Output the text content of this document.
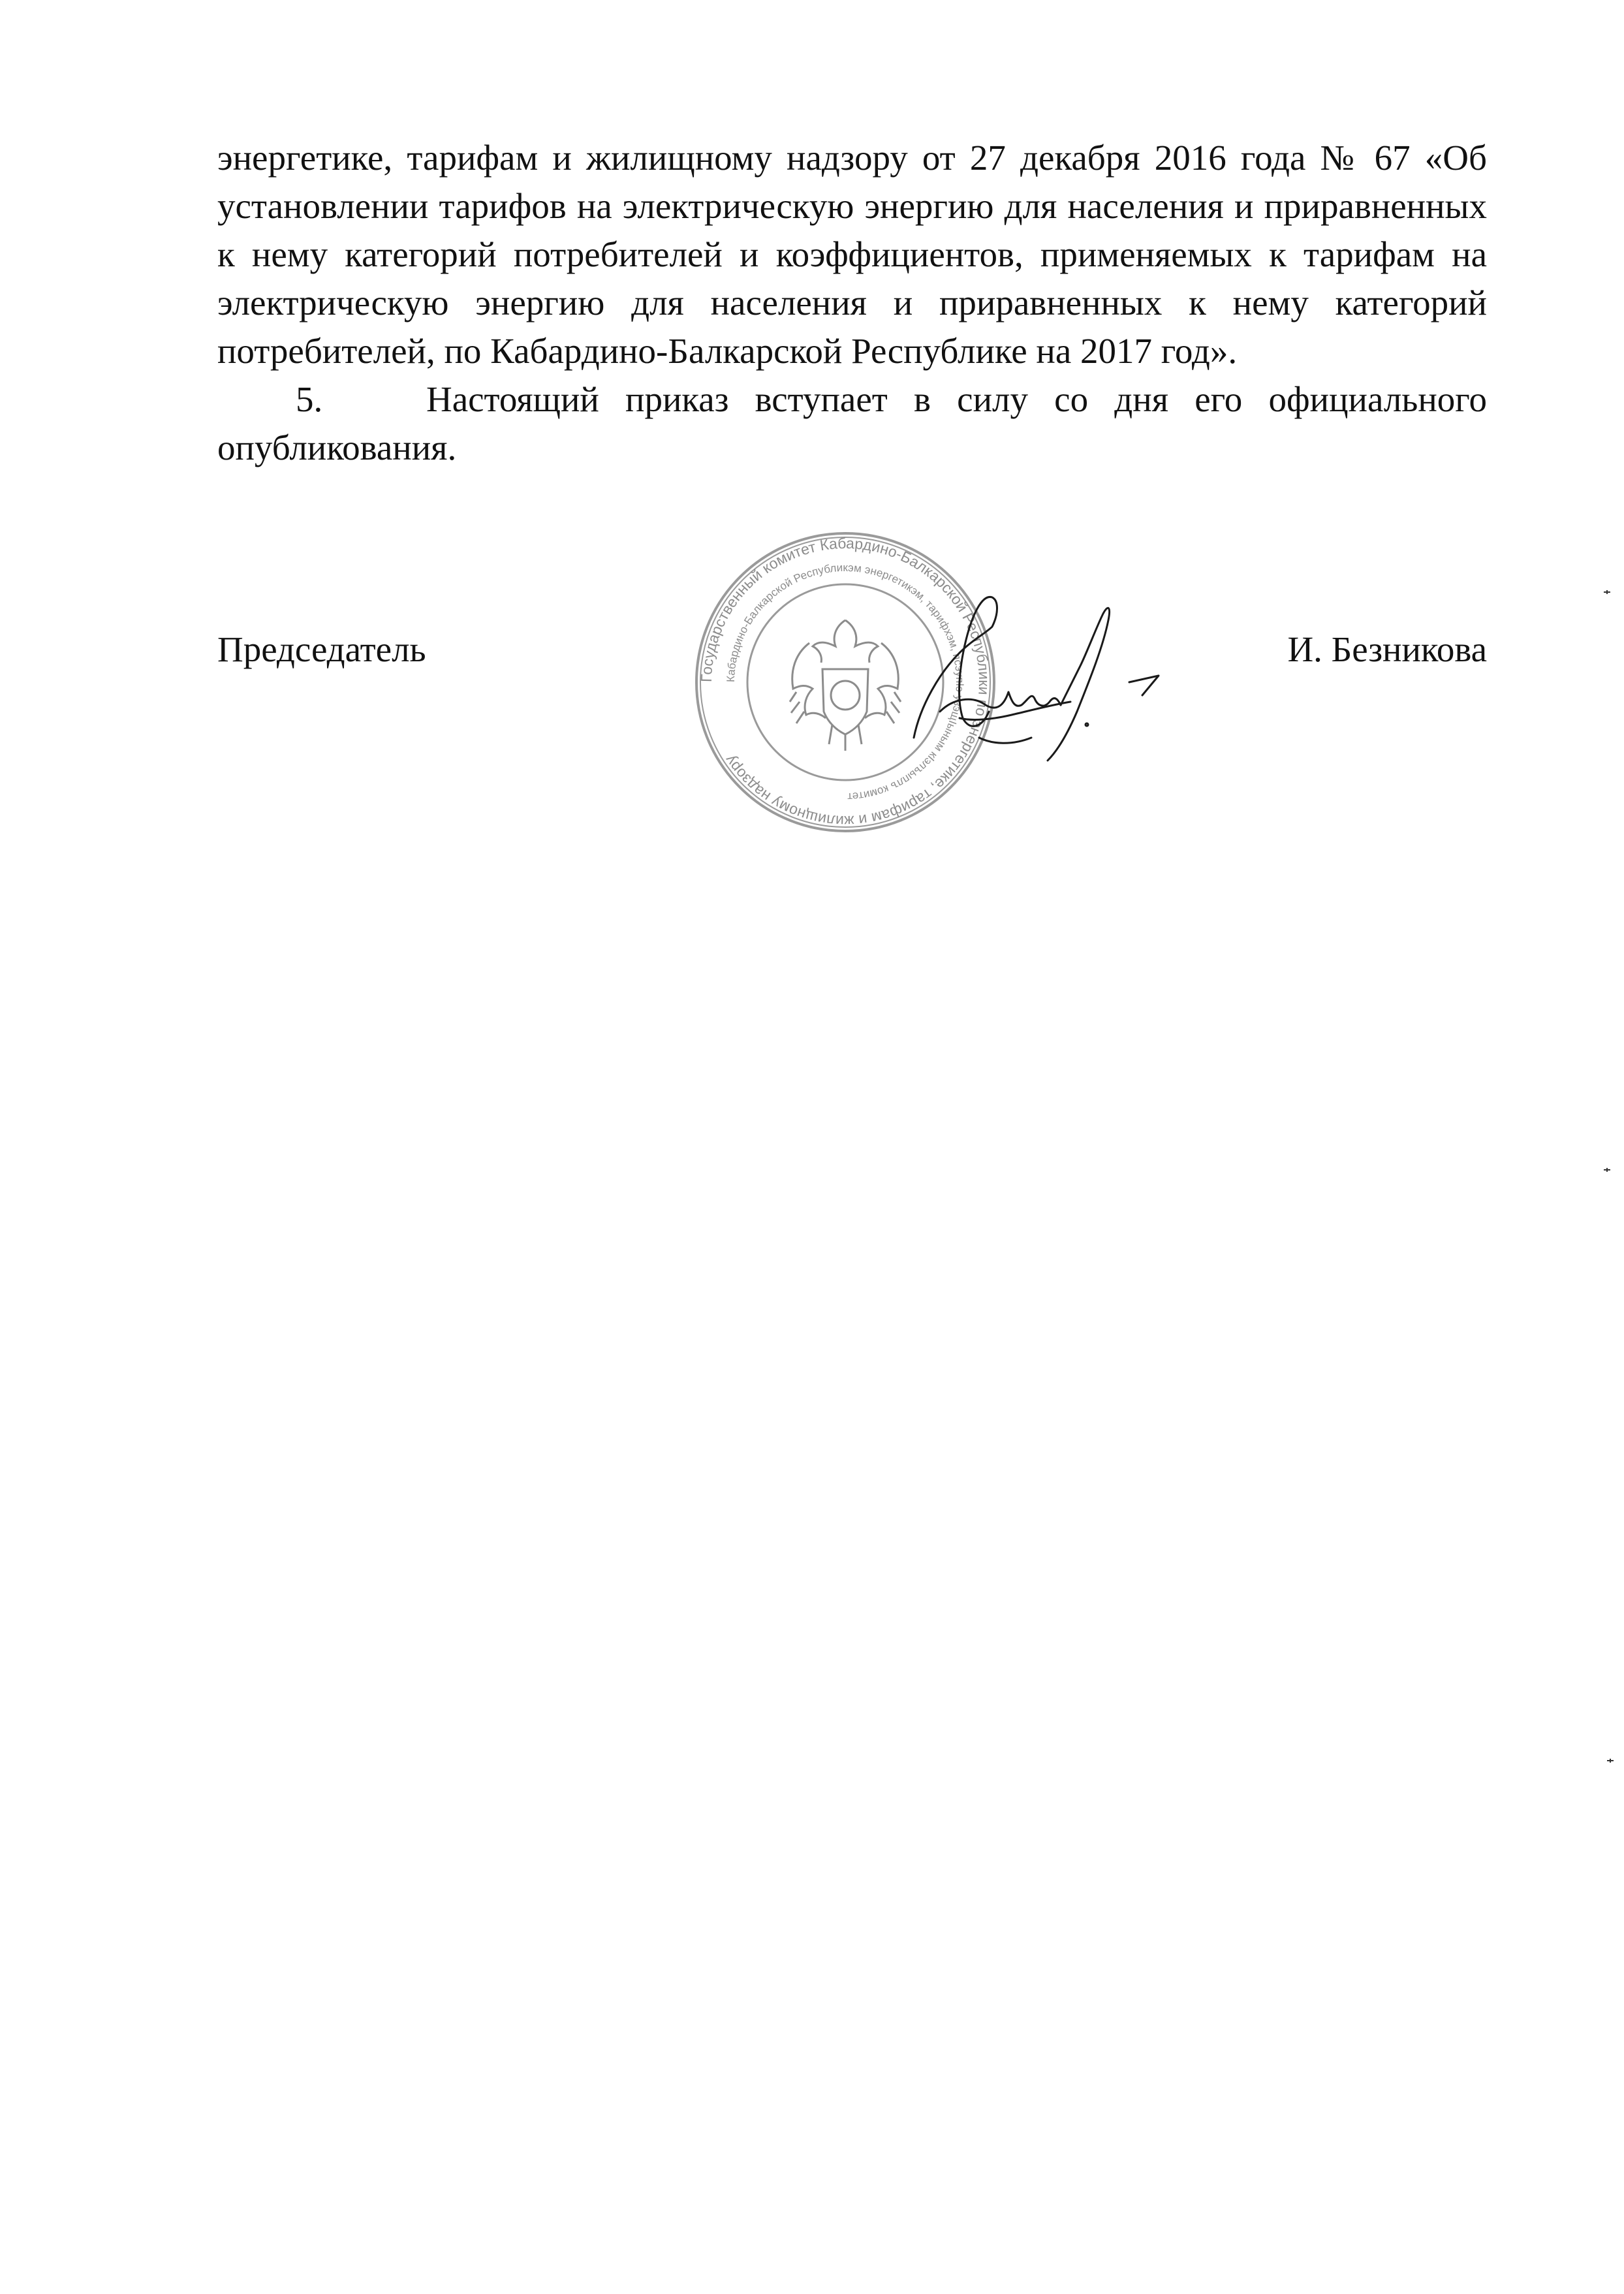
энергетике, тарифам и жилищному надзору от 27 декабря 2016 года № 67 «Об установлении тарифов на электрическую энергию для населения и приравненных к нему категорий потребителей и коэффициентов, применяемых к тарифам на электрическую энергию для населения и приравненных к нему категорий потребителей, по Кабардино-Балкарской Республике на 2017 год».

5.	Настоящий приказ вступает в силу со дня его официального опубликования.

Государственный комитет Кабардино-Балкарской Республики по энергетике, тарифам и жилищному надзору
Кабардино-Балкарской Республикэм энергетикэм, тарифхэм, псэупIэ узэщIыным кIэлъыплъ комитет
Председатель	И. Безникова
